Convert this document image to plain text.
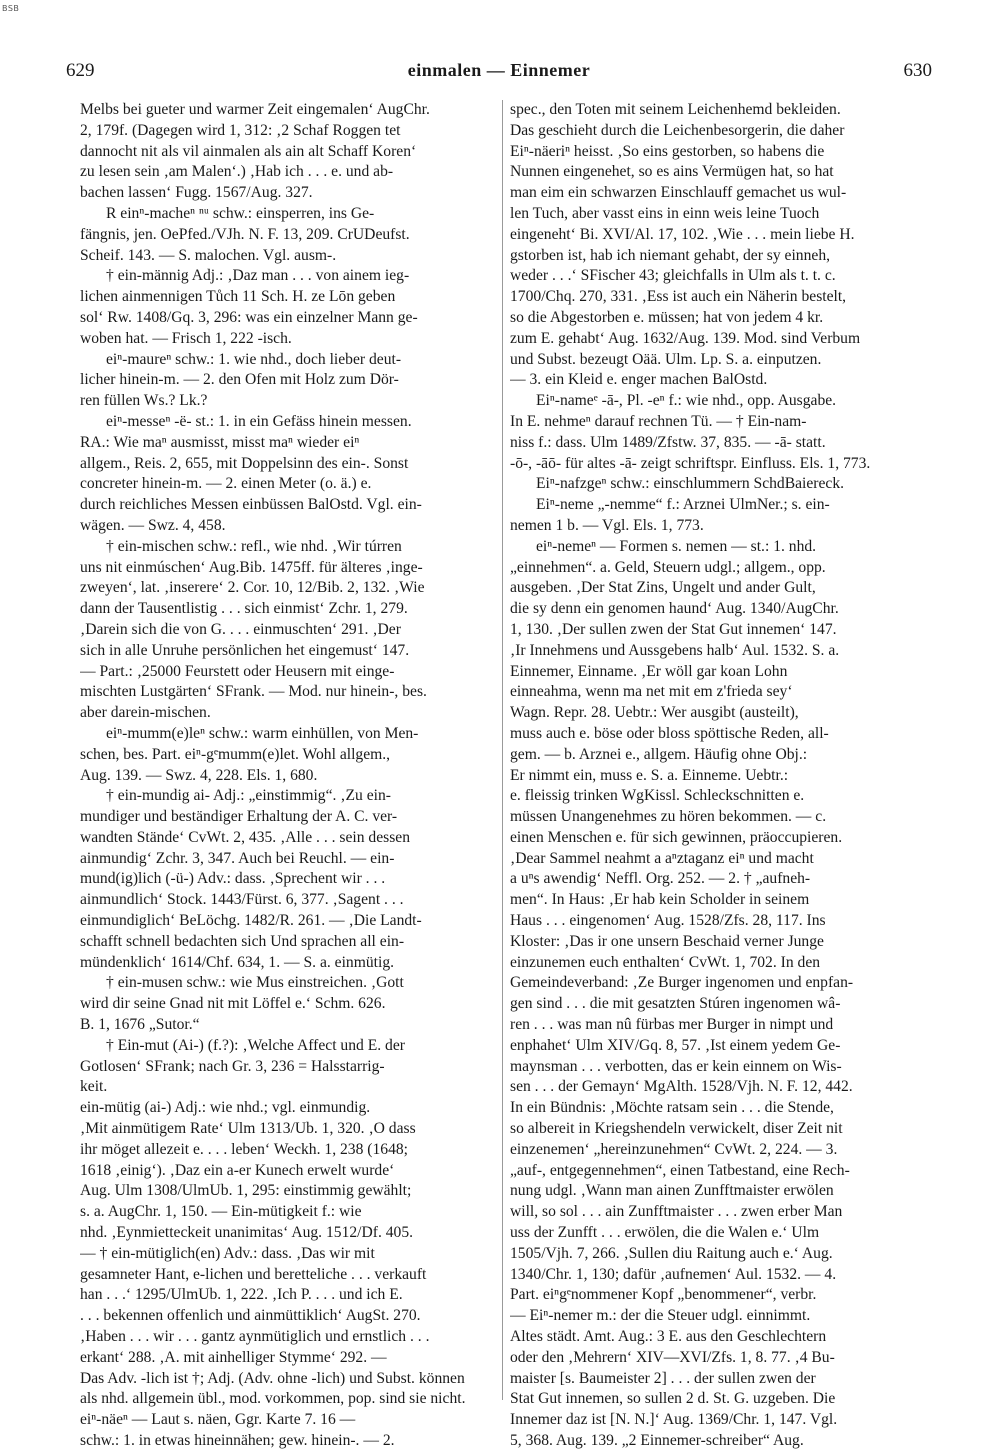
BSB
629	einmalen — Einnemer	630
Melbs bei gueter und warmer Zeit eingemalen‘ AugChr.
2, 179f. (Dagegen wird 1, 312: ‚2 Schaf Roggen tet
dannocht nit als vil ainmalen als ain alt Schaff Koren‘
zu lesen sein ‚am Malen‘.) ‚Hab ich . . . e. und ab-
bachen lassen‘ Fugg. 1567/Aug. 327.
R einⁿ-macheⁿ ⁿᵘ schw.: einsperren, ins Ge-
fängnis, jen. OePfed./VJh. N. F. 13, 209. CrUDeufst.
Scheif. 143. — S. malochen. Vgl. ausm-.
† ein-männig Adj.: ‚Daz man . . . von ainem ieg-
lichen ainmennigen Tůch 11 Sch. H. ze Lōn geben
sol‘ Rw. 1408/Gq. 3, 296: was ein einzelner Mann ge-
woben hat. — Frisch 1, 222 -isch.
eiⁿ-maureⁿ schw.: 1. wie nhd., doch lieber deut-
licher hinein-m. — 2. den Ofen mit Holz zum Dör-
ren füllen Ws.? Lk.?
eiⁿ-messeⁿ -ë- st.: 1. in ein Gefäss hinein messen.
RA.: Wie maⁿ ausmisst, misst maⁿ wieder eiⁿ
allgem., Reis. 2, 655, mit Doppelsinn des ein-. Sonst
concreter hinein-m. — 2. einen Meter (o. ä.) e.
durch reichliches Messen einbüssen BalOstd. Vgl. ein-
wägen. — Swz. 4, 458.
† ein-mischen schw.: refl., wie nhd. ‚Wir túrren
uns nit einmúschen‘ Aug.Bib. 1475ff. für älteres ‚inge-
zweyen‘, lat. ‚inserere‘ 2. Cor. 10, 12/Bib. 2, 132. ‚Wie
dann der Tausentlistig . . . sich einmist‘ Zchr. 1, 279.
‚Darein sich die von G. . . . einmuschten‘ 291. ‚Der
sich in alle Unruhe persönlichen het eingemust‘ 147.
— Part.: ‚25000 Feurstett oder Heusern mit einge-
mischten Lustgärten‘ SFrank. — Mod. nur hinein-, bes.
aber darein-mischen.
eiⁿ-mumm(e)leⁿ schw.: warm einhüllen, von Men-
schen, bes. Part. eiⁿ-gᵉmumm(e)let. Wohl allgem.,
Aug. 139. — Swz. 4, 228. Els. 1, 680.
† ein-mundig ai- Adj.: „einstimmig“. ‚Zu ein-
mundiger und beständiger Erhaltung der A. C. ver-
wandten Stände‘ CvWt. 2, 435. ‚Alle . . . sein dessen
ainmundig‘ Zchr. 3, 347. Auch bei Reuchl. — ein-
mund(ig)lich (-ü-) Adv.: dass. ‚Sprechent wir . . .
ainmundlich‘ Stock. 1443/Fürst. 6, 377. ‚Sagent . . .
einmundiglich‘ BeLöchg. 1482/R. 261. — ‚Die Landt-
schafft schnell bedachten sich Und sprachen all ein-
mündenklich‘ 1614/Chf. 634, 1. — S. a. einmütig.
† ein-musen schw.: wie Mus einstreichen. ‚Gott
wird dir seine Gnad nit mit Löffel e.‘ Schm. 626.
B. 1, 1676 „Sutor.“
† Ein-mut (Ai-) (f.?): ‚Welche Affect und E. der
Gotlosen‘ SFrank; nach Gr. 3, 236 = Halsstarrig-
keit.
ein-mütig (ai-) Adj.: wie nhd.; vgl. einmundig.
‚Mit ainmütigem Rate‘ Ulm 1313/Ub. 1, 320. ‚O dass
ihr möget allezeit e. . . . leben‘ Weckh. 1, 238 (1648;
1618 ‚einig‘). ‚Daz ein a-er Kunech erwelt wurde‘
Aug. Ulm 1308/UlmUb. 1, 295: einstimmig gewählt;
s. a. AugChr. 1, 150. — Ein-mütigkeit f.: wie
nhd. ‚Eynmietteckeit unanimitas‘ Aug. 1512/Df. 405.
— † ein-mütiglich(en) Adv.: dass. ‚Das wir mit
gesamneter Hant, e-lichen und beretteliche . . . verkauft
han . . .‘ 1295/UlmUb. 1, 222. ‚Ich P. . . . und ich E.
. . . bekennen offenlich und ainmüttiklich‘ AugSt. 270.
‚Haben . . . wir . . . gantz aynmütiglich und ernstlich . . .
erkant‘ 288. ‚A. mit ainhelliger Stymme‘ 292. —
Das Adv. -lich ist †; Adj. (Adv. ohne -lich) und Subst. können
als nhd. allgemein übl., mod. vorkommen, pop. sind sie nicht.
eiⁿ-näeⁿ — Laut s. näen, Ggr. Karte 7. 16 —
schw.: 1. in etwas hineinnähen; gew. hinein-. — 2.
spec., den Toten mit seinem Leichenhemd bekleiden.
Das geschieht durch die Leichenbesorgerin, die daher
Eiⁿ-näeriⁿ heisst. ‚So eins gestorben, so habens die
Nunnen eingenehet, so es ains Vermügen hat, so hat
man eim ein schwarzen Einschlauff gemachet us wul-
len Tuch, aber vasst eins in einn weis leine Tuoch
eingeneht‘ Bi. XVI/Al. 17, 102. ‚Wie . . . mein liebe H.
gstorben ist, hab ich niemant gehabt, der sy einneh,
weder . . .‘ SFischer 43; gleichfalls in Ulm als t. t. c.
1700/Chq. 270, 331. ‚Ess ist auch ein Näherin bestelt,
so die Abgestorben e. müssen; hat von jedem 4 kr.
zum E. gehabt‘ Aug. 1632/Aug. 139. Mod. sind Verbum
und Subst. bezeugt Oää. Ulm. Lp. S. a. einputzen.
— 3. ein Kleid e. enger machen BalOstd.
Eiⁿ-nameᵉ -ā-, Pl. -eⁿ f.: wie nhd., opp. Ausgabe.
In E. nehmeⁿ darauf rechnen Tü. — † Ein-nam-
niss f.: dass. Ulm 1489/Zfstw. 37, 835. — -ā- statt.
-ō-, -āō- für altes -ā- zeigt schriftspr. Einfluss. Els. 1, 773.
Eiⁿ-nafzgeⁿ schw.: einschlummern SchdBaiereck.
Eiⁿ-neme „-nemme“ f.: Arznei UlmNer.; s. ein-
nemen 1 b. — Vgl. Els. 1, 773.
eiⁿ-nemeⁿ — Formen s. nemen — st.: 1. nhd.
„einnehmen“. a. Geld, Steuern udgl.; allgem., opp.
ausgeben. ‚Der Stat Zins, Ungelt und ander Gult,
die sy denn ein genomen haund‘ Aug. 1340/AugChr.
1, 130. ‚Der sullen zwen der Stat Gut innemen‘ 147.
‚Ir Innehmens und Aussgebens halb‘ Aul. 1532. S. a.
Einnemer, Einname. ‚Er wöll gar koan Lohn
einneahma, wenn ma net mit em z'frieda sey‘
Wagn. Repr. 28. Uebtr.: Wer ausgibt (austeilt),
muss auch e. böse oder bloss spöttische Reden, all-
gem. — b. Arznei e., allgem. Häufig ohne Obj.:
Er nimmt ein, muss e. S. a. Einneme. Uebtr.:
e. fleissig trinken WgKissl. Schleckschnitten e.
müssen Unangenehmes zu hören bekommen. — c.
einen Menschen e. für sich gewinnen, präoccupieren.
‚Dear Sammel neahmt a aⁿztaganz eiⁿ und macht
a uⁿs awendig‘ Neffl. Org. 252. — 2. † „aufneh-
men“. In Haus: ‚Er hab kein Scholder in seinem
Haus . . . eingenomen‘ Aug. 1528/Zfs. 28, 117. Ins
Kloster: ‚Das ir one unsern Beschaid verner Junge
einzunemen euch enthalten‘ CvWt. 1, 702. In den
Gemeindeverband: ‚Ze Burger ingenomen und enpfan-
gen sind . . . die mit gesatzten Stúren ingenomen wâ-
ren . . . was man nû fürbas mer Burger in nimpt und
enphahet‘ Ulm XIV/Gq. 8, 57. ‚Ist einem yedem Ge-
maynsman . . . verbotten, das er kein einnem on Wis-
sen . . . der Gemayn‘ MgAlth. 1528/Vjh. N. F. 12, 442.
In ein Bündnis: ‚Möchte ratsam sein . . . die Stende,
so albereit in Kriegshendeln verwickelt, diser Zeit nit
einzenemen‘ „hereinzunehmen“ CvWt. 2, 224. — 3.
„auf-, entgegennehmen“, einen Tatbestand, eine Rech-
nung udgl. ‚Wann man ainen Zunfftmaister erwölen
will, so sol . . . ain Zunfftmaister . . . zwen erber Man
uss der Zunfft . . . erwölen, die die Walen e.‘ Ulm
1505/Vjh. 7, 266. ‚Sullen diu Raitung auch e.‘ Aug.
1340/Chr. 1, 130; dafür ‚aufnemen‘ Aul. 1532. — 4.
Part. eiⁿgᵉnommener Kopf „benommener“, verbr.
— Eiⁿ-nemer m.: der die Steuer udgl. einnimmt.
Altes städt. Amt. Aug.: 3 E. aus den Geschlechtern
oder den ‚Mehrern‘ XIV—XVI/Zfs. 1, 8. 77. ‚4 Bu-
maister [s. Baumeister 2] . . . der sullen zwen der
Stat Gut innemen, so sullen 2 d. St. G. uzgeben. Die
Innemer daz ist [N. N.]‘ Aug. 1369/Chr. 1, 147. Vgl.
5, 368. Aug. 139. „2 Einnemer-schreiber“ Aug.
